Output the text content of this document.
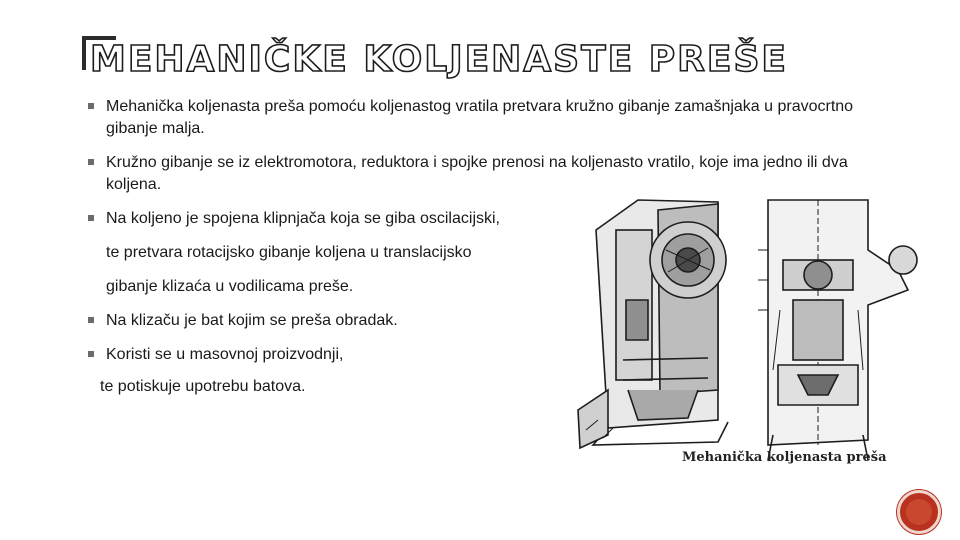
MEHANIČKE KOLJENASTE PREŠE

Mehanička koljenasta preša pomoću koljenastog vratila pretvara kružno gibanje zamašnjaka u pravocrtno gibanje malja.

Kružno gibanje se iz elektromotora, reduktora i spojke prenosi na koljenasto vratilo, koje ima jedno ili dva koljena.

Na koljeno je spojena klipnjača koja se giba oscilacijski,

te pretvara rotacijsko gibanje koljena u translacijsko

gibanje klizaća u vodilicama preše.

Na klizaču je bat kojim se preša obradak.

Koristi se u masovnoj proizvodnji,

te potiskuje upotrebu batova.

Mehanička koljenasta preša
